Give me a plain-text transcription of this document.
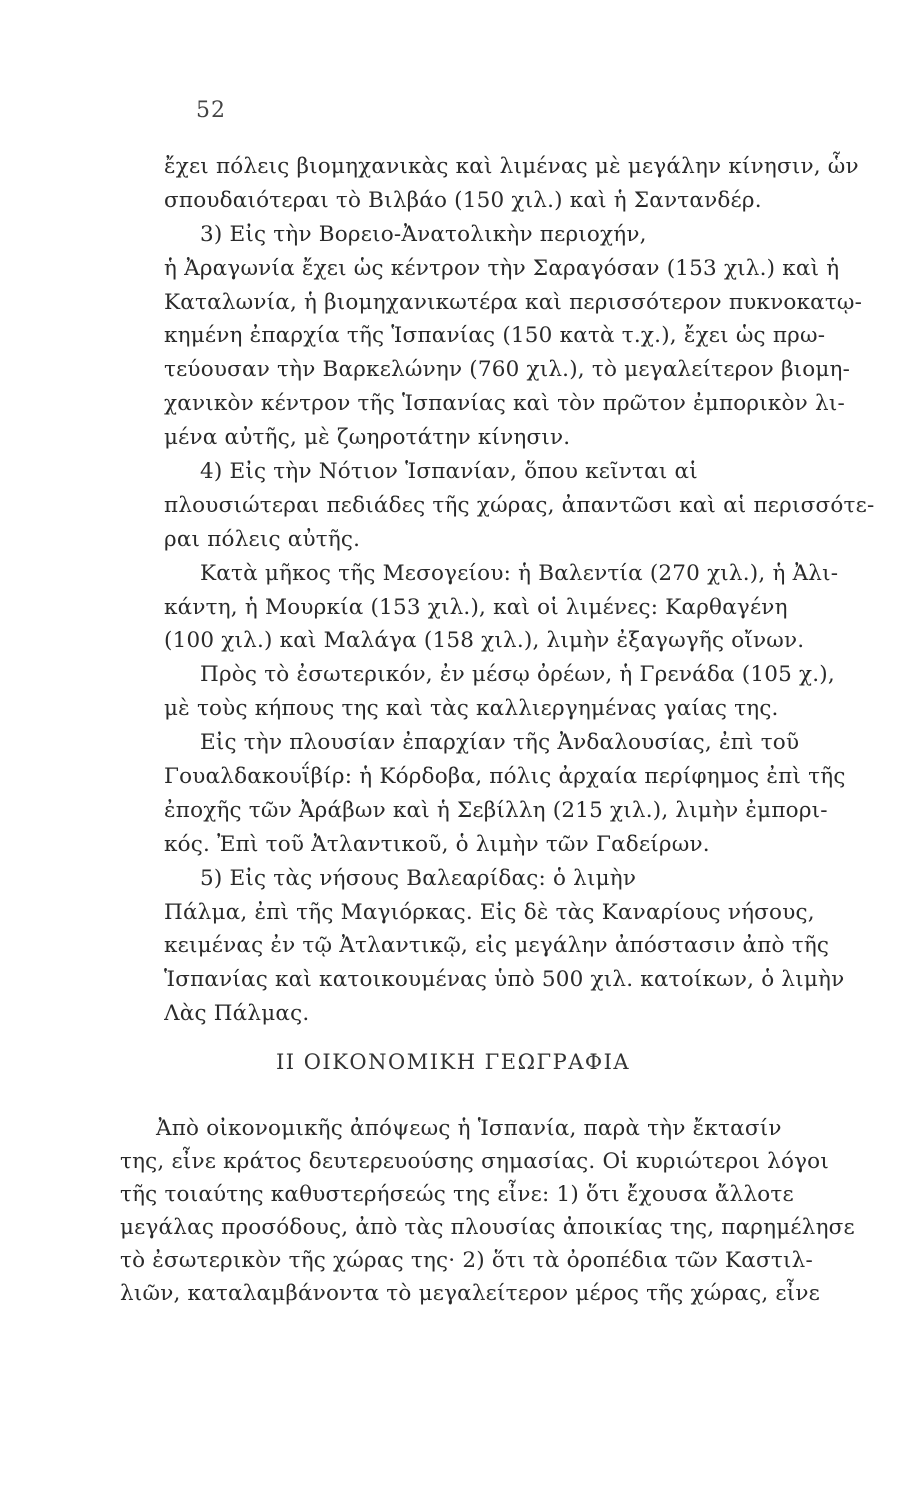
52
ἔχει πόλεις βιομηχανικὰς καὶ λιμένας μὲ μεγάλην κίνησιν, ὧν
σπουδαιότεραι τὸ Βιλβάο (150 χιλ.) καὶ ἡ Σαντανδέρ.
3) Εἰς τὴν Βορειο-Ἀνατολικὴν περιοχήν,
ἡ Ἀραγωνία ἔχει ὡς κέντρον τὴν Σαραγόσαν (153 χιλ.) καὶ ἡ
Καταλωνία, ἡ βιομηχανικωτέρα καὶ περισσότερον πυκνοκατῳ-
κημένη ἐπαρχία τῆς Ἱσπανίας (150 κατὰ τ.χ.), ἔχει ὡς πρω-
τεύουσαν τὴν Βαρκελώνην (760 χιλ.), τὸ μεγαλείτερον βιομη-
χανικὸν κέντρον τῆς Ἱσπανίας καὶ τὸν πρῶτον ἐμπορικὸν λι-
μένα αὐτῆς, μὲ ζωηροτάτην κίνησιν.
4) Εἰς τὴν Νότιον Ἱσπανίαν, ὅπου κεῖνται αἱ
πλουσιώτεραι πεδιάδες τῆς χώρας, ἀπαντῶσι καὶ αἱ περισσότε-
ραι πόλεις αὐτῆς.
Κατὰ μῆκος τῆς Μεσογείου: ἡ Βαλεντία (270 χιλ.), ἡ Ἀλι-
κάντη, ἡ Μουρκία (153 χιλ.), καὶ οἱ λιμένες: Καρθαγένη
(100 χιλ.) καὶ Μαλάγα (158 χιλ.), λιμὴν ἐξαγωγῆς οἴνων.
Πρὸς τὸ ἐσωτερικόν, ἐν μέσῳ ὀρέων, ἡ Γρενάδα (105 χ.),
μὲ τοὺς κήπους της καὶ τὰς καλλιεργημένας γαίας της.
Εἰς τὴν πλουσίαν ἐπαρχίαν τῆς Ἀνδαλουσίας, ἐπὶ τοῦ
Γουαλδακουΐβίρ: ἡ Κόρδοβα, πόλις ἀρχαία περίφημος ἐπὶ τῆς
ἐποχῆς τῶν Ἀράβων καὶ ἡ Σεβίλλη (215 χιλ.), λιμὴν ἐμπορι-
κός. Ἐπὶ τοῦ Ἀτλαντικοῦ, ὁ λιμὴν τῶν Γαδείρων.
5) Εἰς τὰς νήσους Βαλεαρίδας: ὁ λιμὴν
Πάλμα, ἐπὶ τῆς Μαγιόρκας. Εἰς δὲ τὰς Καναρίους νήσους,
κειμένας ἐν τῷ Ἀτλαντικῷ, εἰς μεγάλην ἀπόστασιν ἀπὸ τῆς
Ἱσπανίας καὶ κατοικουμένας ὑπὸ 500 χιλ. κατοίκων, ὁ λιμὴν
Λὰς Πάλμας.
II ΟΙΚΟΝΟΜΙΚΗ ΓΕΩΓΡΑΦΙΑ
Ἀπὸ οἰκονομικῆς ἀπόψεως ἡ Ἱσπανία, παρὰ τὴν ἔκτασίν
της, εἶνε κράτος δευτερευούσης σημασίας. Οἱ κυριώτεροι λόγοι
τῆς τοιαύτης καθυστερήσεώς της εἶνε: 1) ὅτι ἔχουσα ἄλλοτε
μεγάλας προσόδους, ἀπὸ τὰς πλουσίας ἀποικίας της, παρημέλησε
τὸ ἐσωτερικὸν τῆς χώρας της· 2) ὅτι τὰ ὀροπέδια τῶν Καστιλ-
λιῶν, καταλαμβάνοντα τὸ μεγαλείτερον μέρος τῆς χώρας, εἶνε
